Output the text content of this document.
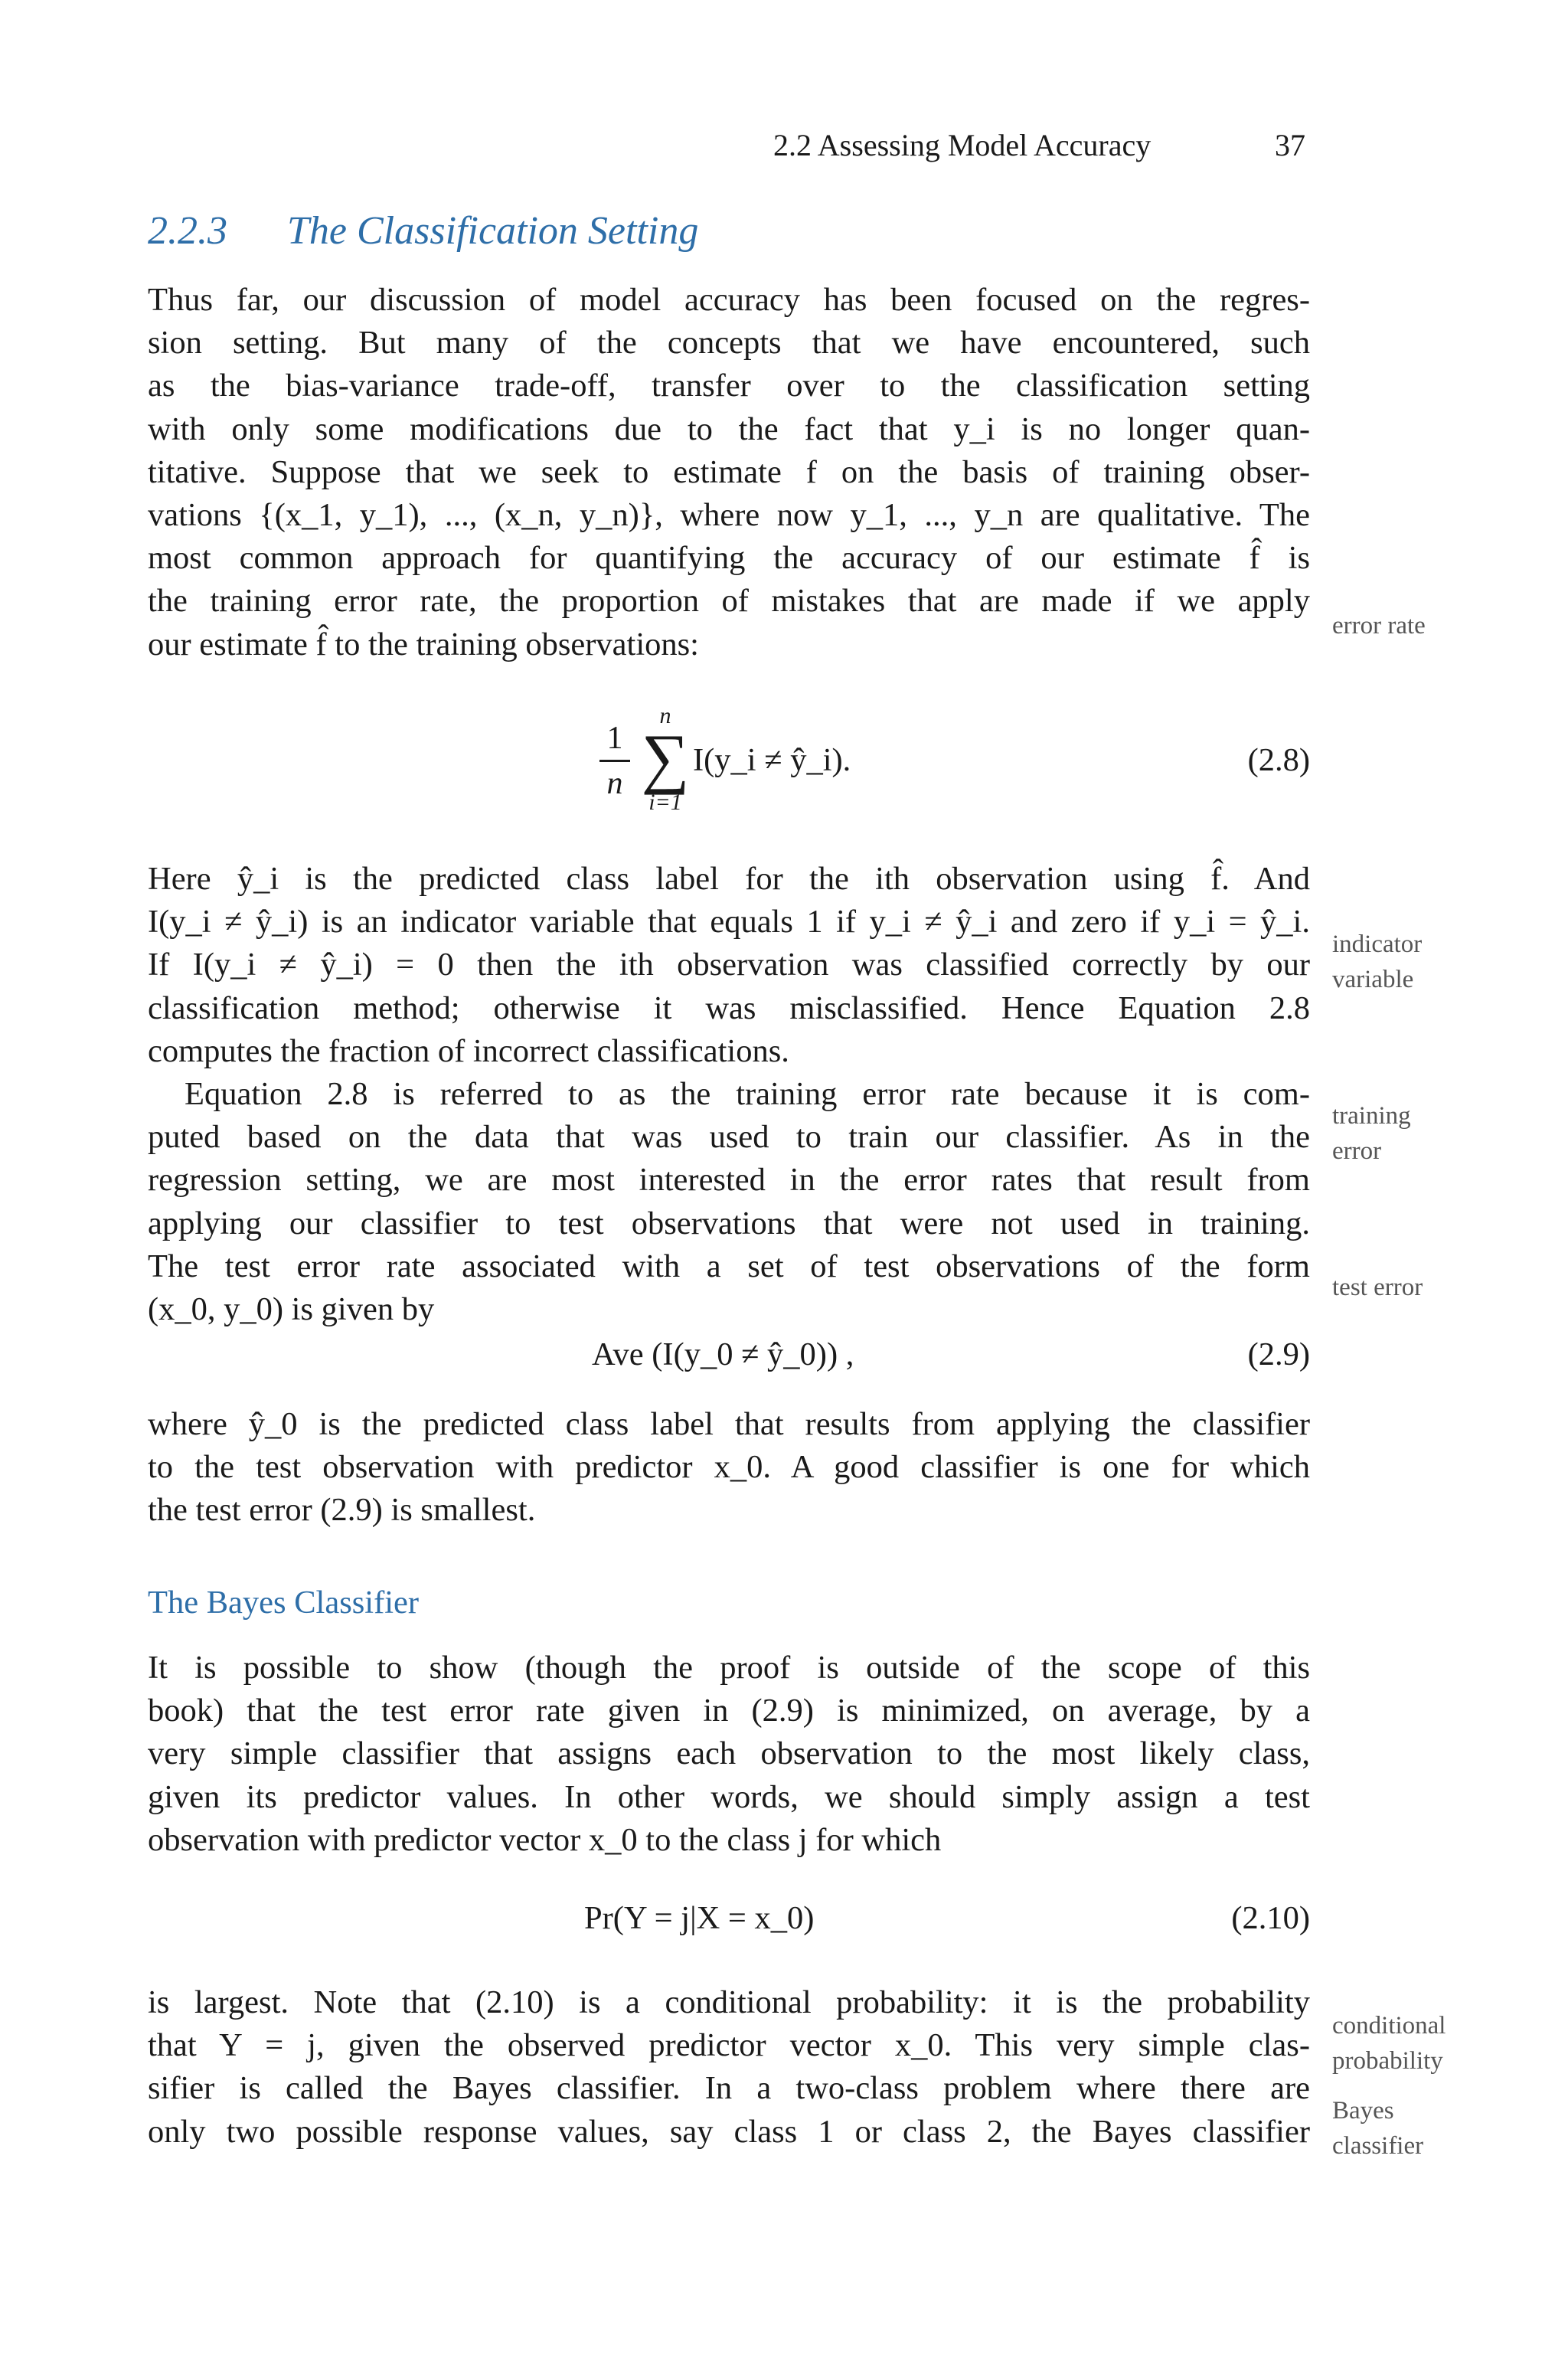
2.2 Assessing Model Accuracy	37
2.2.3 The Classification Setting
Thus far, our discussion of model accuracy has been focused on the regres-
sion setting. But many of the concepts that we have encountered, such
as the bias-variance trade-off, transfer over to the classification setting
with only some modifications due to the fact that y_i is no longer quan-
titative. Suppose that we seek to estimate f on the basis of training obser-
vations {(x_1, y_1), ..., (x_n, y_n)}, where now y_1, ..., y_n are qualitative. The
most common approach for quantifying the accuracy of our estimate f̂ is
the training error rate, the proportion of mistakes that are made if we apply
our estimate f̂ to the training observations:
1
n
n
∑
i=1
I(y_i ≠ ŷ_i).	(2.8)
Here ŷ_i is the predicted class label for the ith observation using f̂. And
I(y_i ≠ ŷ_i) is an indicator variable that equals 1 if y_i ≠ ŷ_i and zero if y_i = ŷ_i.
If I(y_i ≠ ŷ_i) = 0 then the ith observation was classified correctly by our
classification method; otherwise it was misclassified. Hence Equation 2.8
computes the fraction of incorrect classifications.
Equation 2.8 is referred to as the training error rate because it is com-
puted based on the data that was used to train our classifier. As in the
regression setting, we are most interested in the error rates that result from
applying our classifier to test observations that were not used in training.
The test error rate associated with a set of test observations of the form
(x_0, y_0) is given by
Ave (I(y_0 ≠ ŷ_0)) ,	(2.9)
where ŷ_0 is the predicted class label that results from applying the classifier
to the test observation with predictor x_0. A good classifier is one for which
the test error (2.9) is smallest.
The Bayes Classifier
It is possible to show (though the proof is outside of the scope of this
book) that the test error rate given in (2.9) is minimized, on average, by a
very simple classifier that assigns each observation to the most likely class,
given its predictor values. In other words, we should simply assign a test
observation with predictor vector x_0 to the class j for which
Pr(Y = j|X = x_0)	(2.10)
is largest. Note that (2.10) is a conditional probability: it is the probability
that Y = j, given the observed predictor vector x_0. This very simple clas-
sifier is called the Bayes classifier. In a two-class problem where there are
only two possible response values, say class 1 or class 2, the Bayes classifier
error rate
indicator
variable
training
error
test error
conditional
probability
Bayes
classifier
